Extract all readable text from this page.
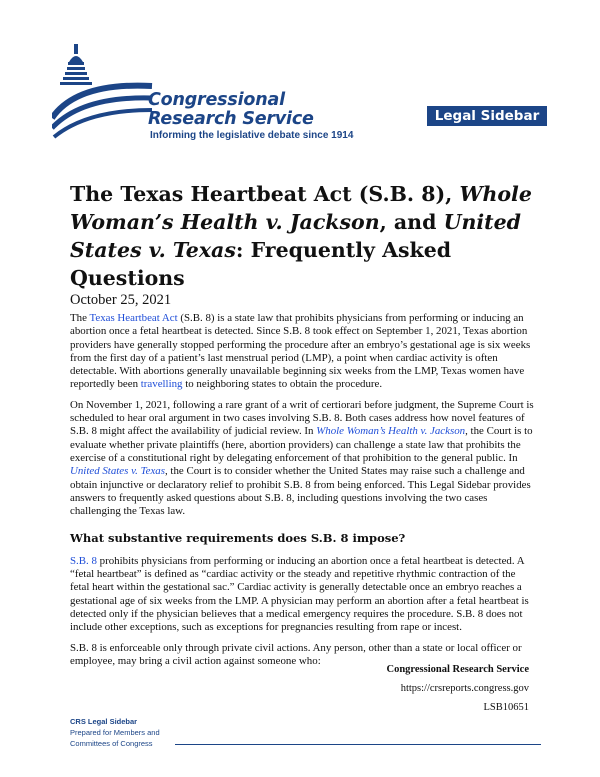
Congressional
Research Service
Informing the legislative debate since 1914
Legal Sidebar
The Texas Heartbeat Act (S.B. 8), Whole Woman’s Health v. Jackson, and United States v. Texas: Frequently Asked Questions
October 25, 2021

The Texas Heartbeat Act (S.B. 8) is a state law that prohibits physicians from performing or inducing an abortion once a fetal heartbeat is detected. Since S.B. 8 took effect on September 1, 2021, Texas abortion providers have generally stopped performing the procedure after an embryo’s gestational age is six weeks from the first day of a patient’s last menstrual period (LMP), a point when cardiac activity is often detectable. With abortions generally unavailable beginning six weeks from the LMP, Texas women have reportedly been travelling to neighboring states to obtain the procedure.

On November 1, 2021, following a rare grant of a writ of certiorari before judgment, the Supreme Court is scheduled to hear oral argument in two cases involving S.B. 8. Both cases address how novel features of S.B. 8 might affect the availability of judicial review. In Whole Woman’s Health v. Jackson, the Court is to evaluate whether private plaintiffs (here, abortion providers) can challenge a state law that prohibits the exercise of a constitutional right by delegating enforcement of that prohibition to the general public. In United States v. Texas, the Court is to consider whether the United States may raise such a challenge and obtain injunctive or declaratory relief to prohibit S.B. 8 from being enforced. This Legal Sidebar provides answers to frequently asked questions about S.B. 8, including questions involving the two cases challenging the Texas law.

What substantive requirements does S.B. 8 impose?

S.B. 8 prohibits physicians from performing or inducing an abortion once a fetal heartbeat is detected. A “fetal heartbeat” is defined as “cardiac activity or the steady and repetitive rhythmic contraction of the fetal heart within the gestational sac.” Cardiac activity is generally detectable once an embryo reaches a gestational age of six weeks from the LMP. A physician may perform an abortion after a fetal heartbeat is detected only if the physician believes that a medical emergency requires the procedure. S.B. 8 does not include other exceptions, such as exceptions for pregnancies resulting from rape or incest.

S.B. 8 is enforceable only through private civil actions. Any person, other than a state or local officer or employee, may bring a civil action against someone who:

Congressional Research Service
https://crsreports.congress.gov
LSB10651
CRS Legal Sidebar
Prepared for Members and
Committees of Congress
